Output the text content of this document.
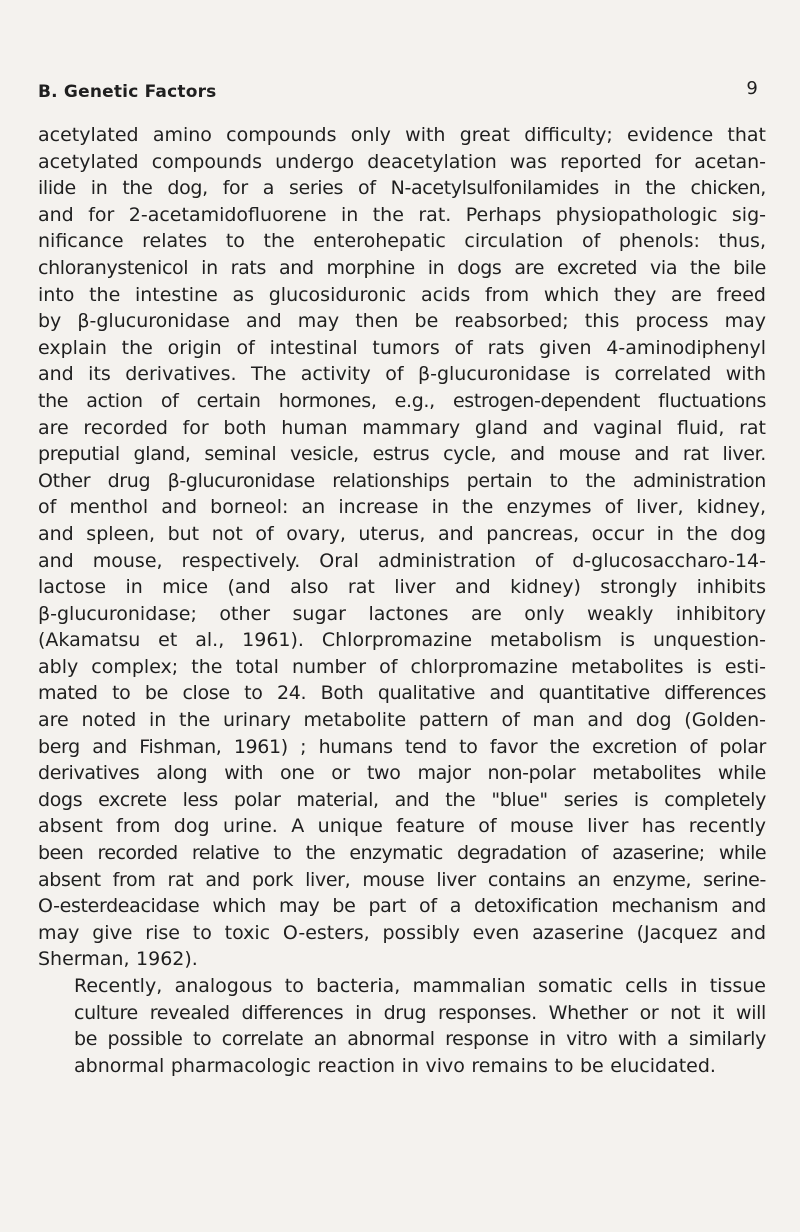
B. Genetic Factors	9

acetylated amino compounds only with great difficulty; evidence that
acetylated compounds undergo deacetylation was reported for acetan-
ilide in the dog, for a series of N-acetylsulfonilamides in the chicken,
and for 2-acetamidofluorene in the rat. Perhaps physiopathologic sig-
nificance relates to the enterohepatic circulation of phenols: thus,
chloranystenicol in rats and morphine in dogs are excreted via the bile
into the intestine as glucosiduronic acids from which they are freed
by β-glucuronidase and may then be reabsorbed; this process may
explain the origin of intestinal tumors of rats given 4-aminodiphenyl
and its derivatives. The activity of β-glucuronidase is correlated with
the action of certain hormones, e.g., estrogen-dependent fluctuations
are recorded for both human mammary gland and vaginal fluid, rat
preputial gland, seminal vesicle, estrus cycle, and mouse and rat liver.
Other drug β-glucuronidase relationships pertain to the administration
of menthol and borneol: an increase in the enzymes of liver, kidney,
and spleen, but not of ovary, uterus, and pancreas, occur in the dog
and mouse, respectively. Oral administration of d-glucosaccharo-14-
lactose in mice (and also rat liver and kidney) strongly inhibits
β-glucuronidase; other sugar lactones are only weakly inhibitory
(Akamatsu et al., 1961). Chlorpromazine metabolism is unquestion-
ably complex; the total number of chlorpromazine metabolites is esti-
mated to be close to 24. Both qualitative and quantitative differences
are noted in the urinary metabolite pattern of man and dog (Golden-
berg and Fishman, 1961) ; humans tend to favor the excretion of polar
derivatives along with one or two major non-polar metabolites while
dogs excrete less polar material, and the "blue" series is completely
absent from dog urine. A unique feature of mouse liver has recently
been recorded relative to the enzymatic degradation of azaserine; while
absent from rat and pork liver, mouse liver contains an enzyme, serine-
O-esterdeacidase which may be part of a detoxification mechanism and
may give rise to toxic O-esters, possibly even azaserine (Jacquez and
Sherman, 1962).

Recently, analogous to bacteria, mammalian somatic cells in tissue
culture revealed differences in drug responses. Whether or not it will
be possible to correlate an abnormal response in vitro with a similarly
abnormal pharmacologic reaction in vivo remains to be elucidated.
